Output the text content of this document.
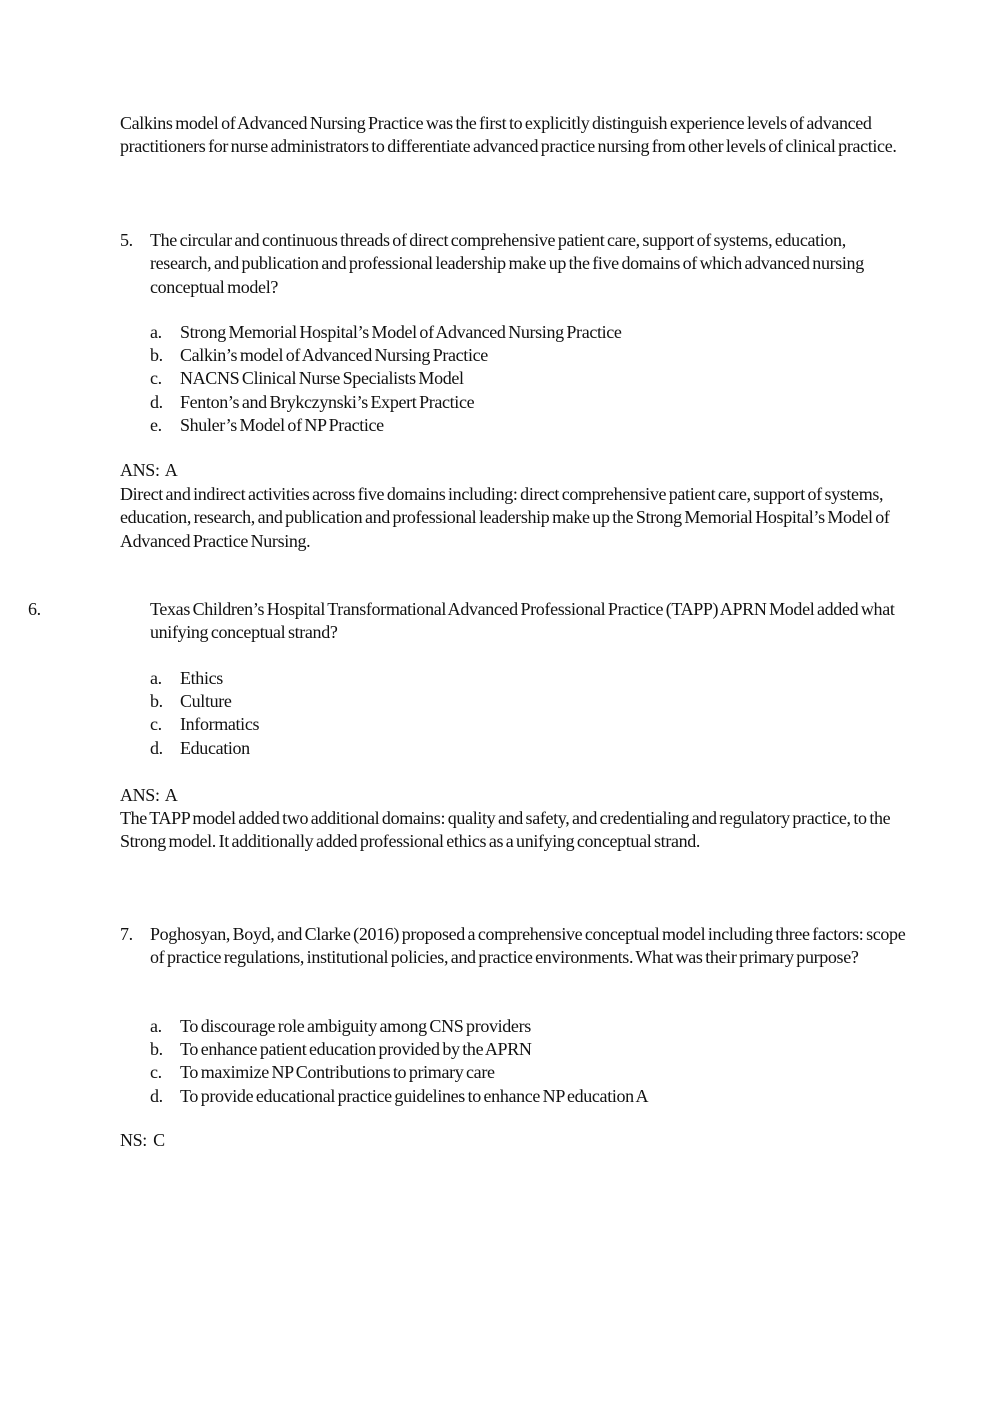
Calkins model of Advanced Nursing Practice was the first to explicitly distinguish experience levels of advanced practitioners for nurse administrators to differentiate advanced practice nursing from other levels of clinical practice.

5. The circular and continuous threads of direct comprehensive patient care, support of systems, education, research, and publication and professional leadership make up the five domains of which advanced nursing conceptual model?

a. Strong Memorial Hospital’s Model of Advanced Nursing Practice
b. Calkin’s model of Advanced Nursing Practice
c. NACNS Clinical Nurse Specialists Model
d. Fenton’s and Brykczynski’s Expert Practice
e. Shuler’s Model of NP Practice
ANS: A

Direct and indirect activities across five domains including: direct comprehensive patient care, support of systems, education, research, and publication and professional leadership make up the Strong Memorial Hospital’s Model of Advanced Practice Nursing.

6.	Texas Children’s Hospital Transformational Advanced Professional Practice (TAPP) APRN Model added what unifying conceptual strand?

a. Ethics
b. Culture
c. Informatics
d. Education
ANS: A

The TAPP model added two additional domains: quality and safety, and credentialing and regulatory practice, to the Strong model. It additionally added professional ethics as a unifying conceptual strand.

7. Poghosyan, Boyd, and Clarke (2016) proposed a comprehensive conceptual model including three factors: scope of practice regulations, institutional policies, and practice environments. What was their primary purpose?

a. To discourage role ambiguity among CNS providers
b. To enhance patient education provided by the APRN
c. To maximize NP Contributions to primary care
d. To provide educational practice guidelines to enhance NP education A
NS: C
